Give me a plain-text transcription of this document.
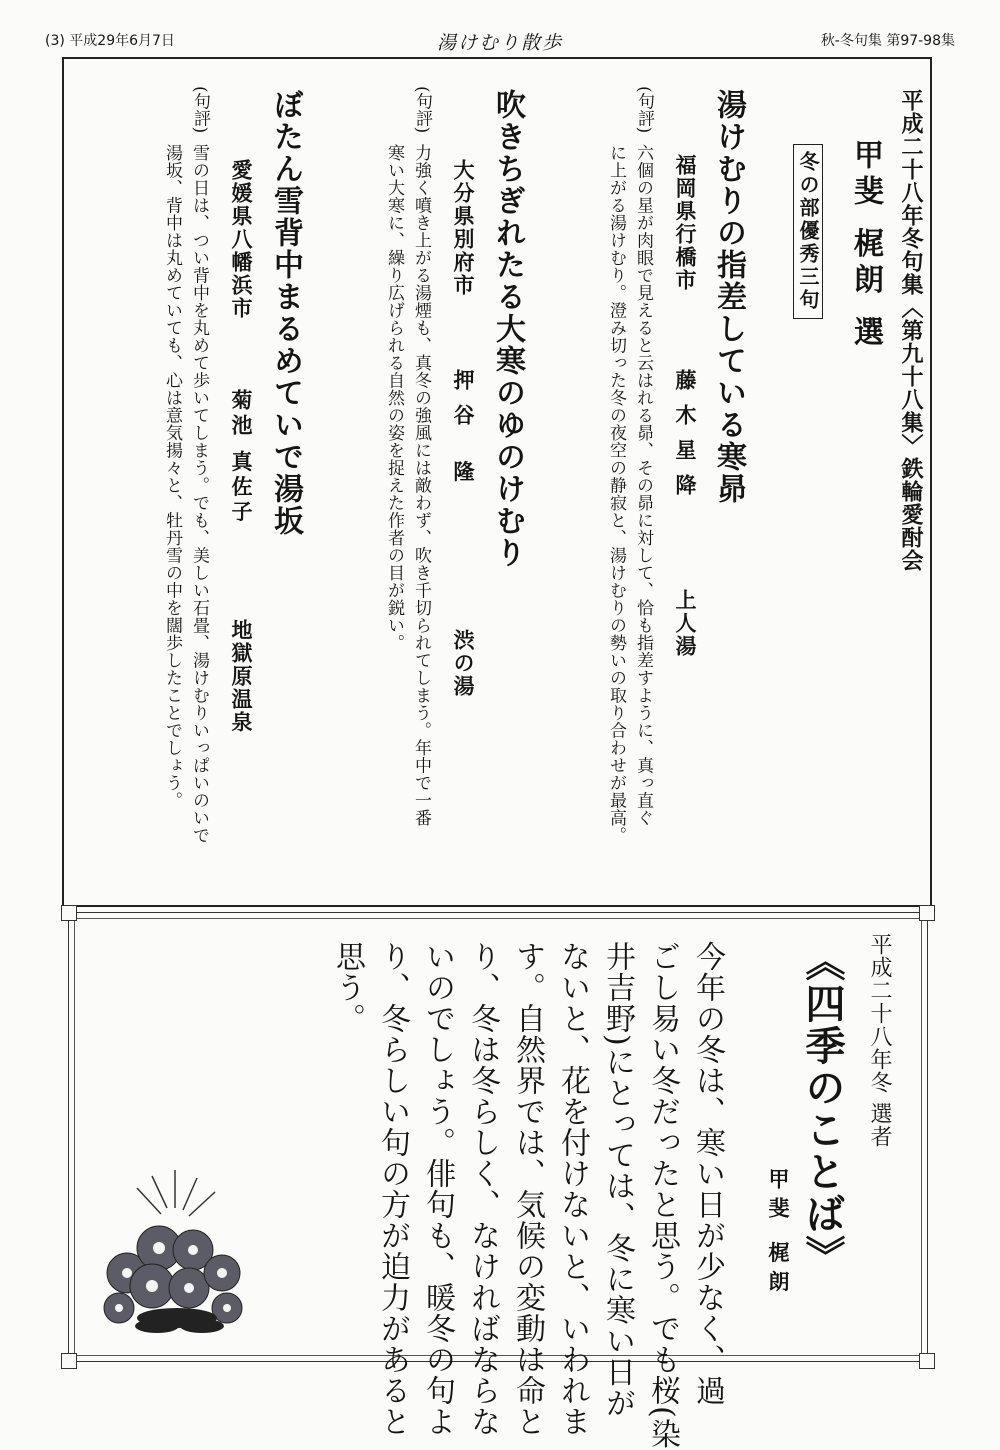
(3) 平成29年6月7日	湯けむり散歩	秋-冬句集 第97-98集
平成二十八年冬句集〈第九十八集〉鉄輪愛酎会
甲斐 梶朗 選
冬の部優秀三句
湯けむりの指差している寒昴
福岡県行橋市
藤木星降
上人湯
(句評)
六個の星が肉眼で見えると云はれる昴、その昴に対して、恰も指差すように、真っ直ぐ
に上がる湯けむり。澄み切った冬の夜空の静寂と、湯けむりの勢いの取り合わせが最高。
吹きちぎれたる大寒のゆのけむり
大分県別府市
押谷 隆
渋の湯
(句評)
力強く噴き上がる湯煙も、真冬の強風には敵わず、吹き千切られてしまう。年中で一番
寒い大寒に、繰り広げられる自然の姿を捉えた作者の目が鋭い。
ぼたん雪背中まるめていで湯坂
愛媛県八幡浜市
菊池 真佐子
地獄原温泉
(句評)
雪の日は、つい背中を丸めて歩いてしまう。でも、美しい石畳、湯けむりいっぱいのいで
湯坂、背中は丸めていても、心は意気揚々と、牡丹雪の中を闊歩したことでしょう。
平成二十八年冬 選者
《四季のことば》
甲斐 梶朗
今年の冬は、寒い日が少なく、過
ごし易い冬だったと思う。でも桜(染
井吉野)にとっては、冬に寒い日が
ないと、花を付けないと、いわれま
す。自然界では、気候の変動は命と
り、冬は冬らしく、なければならな
いのでしょう。俳句も、暖冬の句よ
り、冬らしい句の方が迫力があると
思う。
